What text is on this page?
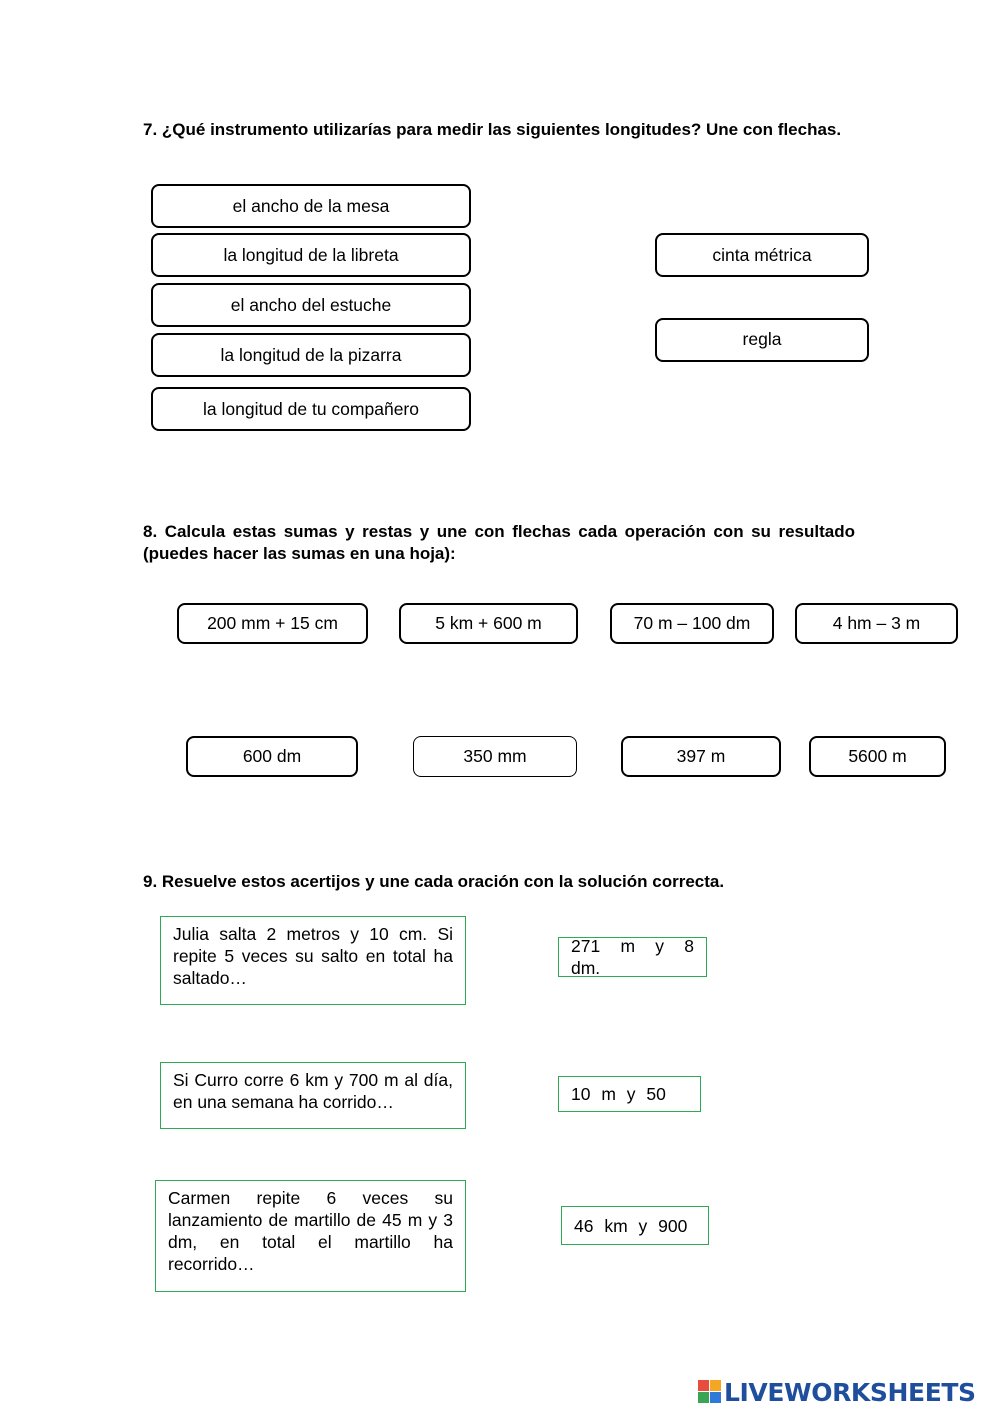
7. ¿Qué instrumento utilizarías para medir las siguientes longitudes? Une con flechas.
el ancho de la mesa
la longitud de la libreta
el ancho del estuche
la longitud de la pizarra
la longitud de tu compañero
cinta métrica
regla
8. Calcula estas sumas y restas y une con flechas cada operación con su resultado (puedes hacer las sumas en una hoja):
200 mm + 15 cm	5 km + 600 m	70 m – 100 dm	4 hm – 3 m
600 dm	350 mm	397 m	5600 m
9. Resuelve estos acertijos y une cada oración con la solución correcta.
Julia salta 2 metros y 10 cm. Si repite 5 veces su salto en total ha saltado…
Si Curro corre 6 km y 700 m al día, en una semana ha corrido…
Carmen repite 6 veces su lanzamiento de martillo de 45 m y 3 dm, en total el martillo ha recorrido…
271 m y 8 dm.
10 m y 50
46 km y 900
LIVEWORKSHEETS
